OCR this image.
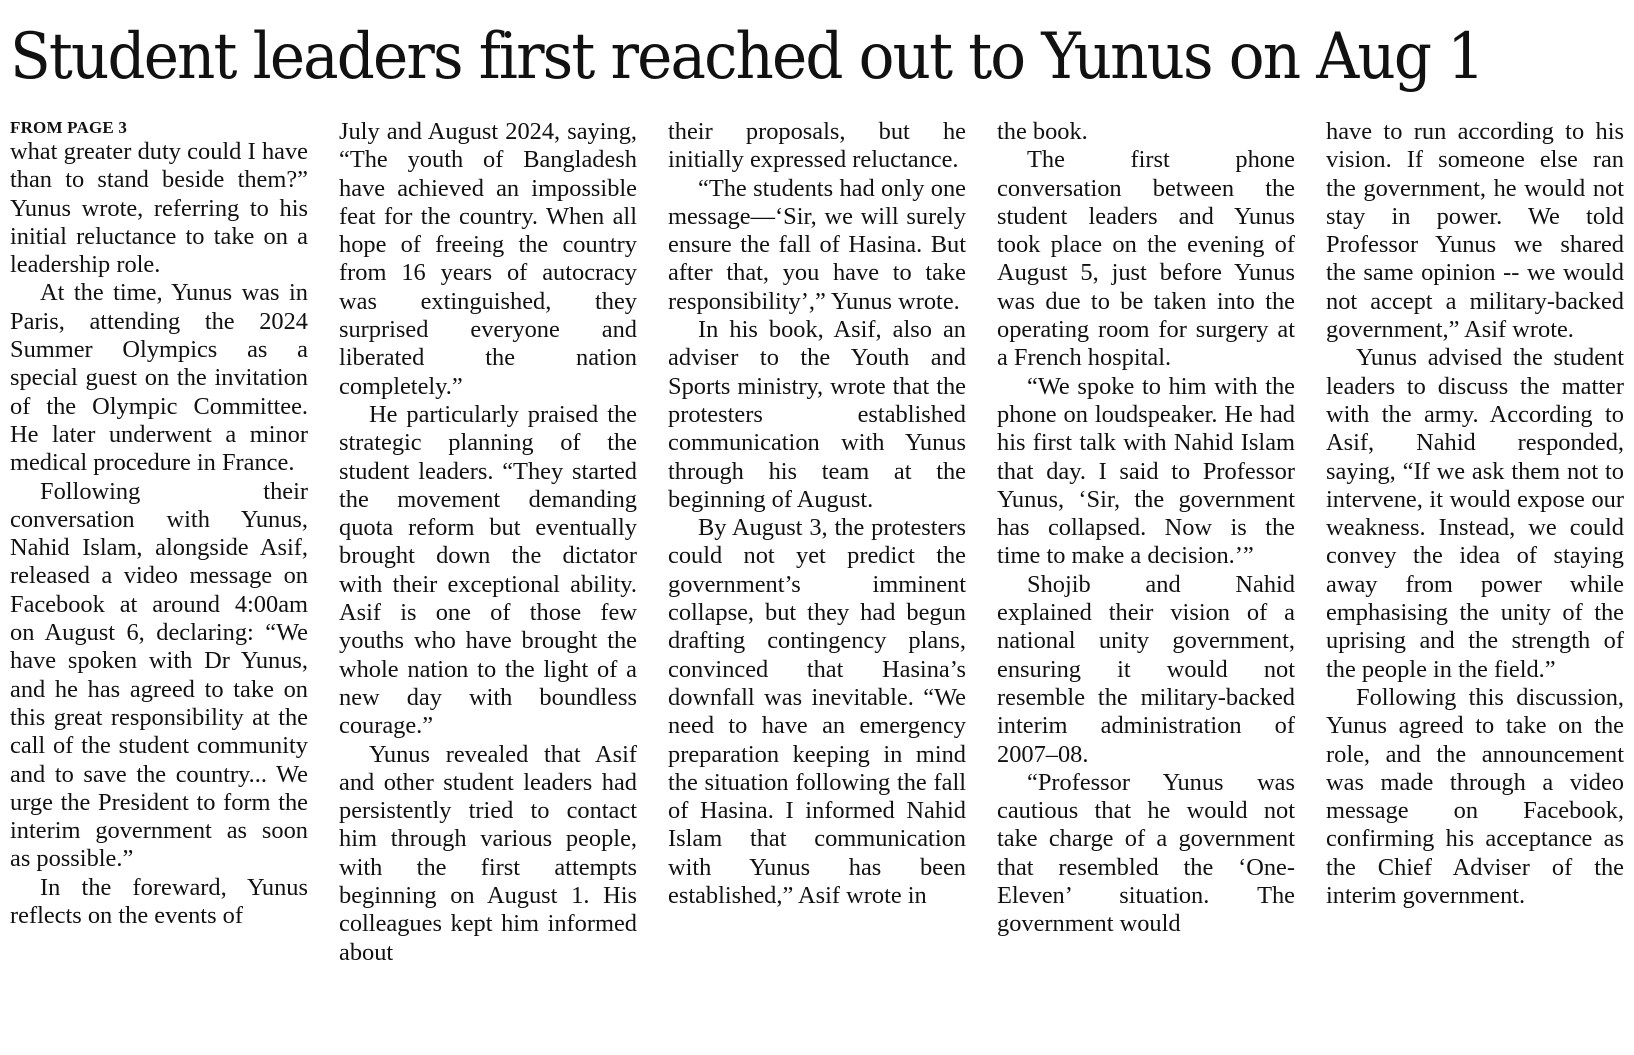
Student leaders first reached out to Yunus on Aug 1
FROM PAGE 3

what greater duty could I have than to stand beside them?” Yunus wrote, referring to his initial reluctance to take on a leadership role.

At the time, Yunus was in Paris, attending the 2024 Summer Olympics as a special guest on the invitation of the Olympic Committee. He later underwent a minor medical procedure in France.

Following their conversation with Yunus, Nahid Islam, alongside Asif, released a video message on Facebook at around 4:00am on August 6, declaring: “We have spoken with Dr Yunus, and he has agreed to take on this great responsibility at the call of the student community and to save the country... We urge the President to form the interim government as soon as possible.”

In the foreward, Yunus reflects on the events of

July and August 2024, saying, “The youth of Bangladesh have achieved an impossible feat for the country. When all hope of freeing the country from 16 years of autocracy was extinguished, they surprised everyone and liberated the nation completely.”

He particularly praised the strategic planning of the student leaders. “They started the movement demanding quota reform but eventually brought down the dictator with their exceptional ability. Asif is one of those few youths who have brought the whole nation to the light of a new day with boundless courage.”

Yunus revealed that Asif and other student leaders had persistently tried to contact him through various people, with the first attempts beginning on August 1. His colleagues kept him informed about

their proposals, but he initially expressed reluctance.

“The students had only one message—‘Sir, we will surely ensure the fall of Hasina. But after that, you have to take responsibility’,” Yunus wrote.

In his book, Asif, also an adviser to the Youth and Sports ministry, wrote that the protesters established communication with Yunus through his team at the beginning of August.

By August 3, the protesters could not yet predict the government’s imminent collapse, but they had begun drafting contingency plans, convinced that Hasina’s downfall was inevitable. “We need to have an emergency preparation keeping in mind the situation following the fall of Hasina. I informed Nahid Islam that communication with Yunus has been established,” Asif wrote in

the book.

The first phone conversation between the student leaders and Yunus took place on the evening of August 5, just before Yunus was due to be taken into the operating room for surgery at a French hospital.

“We spoke to him with the phone on loudspeaker. He had his first talk with Nahid Islam that day. I said to Professor Yunus, ‘Sir, the government has collapsed. Now is the time to make a decision.’”

Shojib and Nahid explained their vision of a national unity government, ensuring it would not resemble the military-backed interim administration of 2007–08.

“Professor Yunus was cautious that he would not take charge of a government that resembled the ‘One-Eleven’ situation. The government would

have to run according to his vision. If someone else ran the government, he would not stay in power. We told Professor Yunus we shared the same opinion -- we would not accept a military-backed government,” Asif wrote.

Yunus advised the student leaders to discuss the matter with the army. According to Asif, Nahid responded, saying, “If we ask them not to intervene, it would expose our weakness. Instead, we could convey the idea of staying away from power while emphasising the unity of the uprising and the strength of the people in the field.”

Following this discussion, Yunus agreed to take on the role, and the announcement was made through a video message on Facebook, confirming his acceptance as the Chief Adviser of the interim government.
